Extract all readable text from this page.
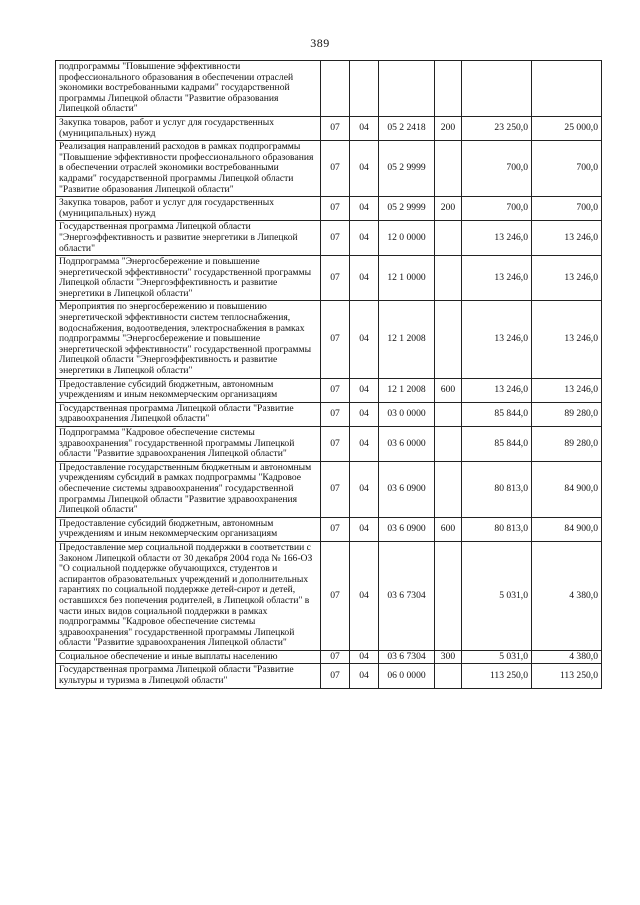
389
подпрограммы "Повышение эффективности профессионального образования в обеспечении отраслей экономики востребованными кадрами" государственной программы Липецкой области "Развитие образования Липецкой области"						
Закупка товаров, работ и услуг для государственных (муниципальных) нужд	07	04	05 2 2418	200	23 250,0	25 000,0
Реализация направлений расходов в рамках подпрограммы "Повышение эффективности профессионального образования в обеспечении отраслей экономики востребованными кадрами" государственной программы Липецкой области "Развитие образования Липецкой области"	07	04	05 2 9999		700,0	700,0
Закупка товаров, работ и услуг для государственных (муниципальных) нужд	07	04	05 2 9999	200	700,0	700,0
Государственная программа Липецкой области "Энергоэффективность и развитие энергетики в Липецкой области"	07	04	12 0 0000		13 246,0	13 246,0
Подпрограмма "Энергосбережение и повышение энергетической эффективности" государственной программы Липецкой области "Энергоэффективность и развитие энергетики в Липецкой области"	07	04	12 1 0000		13 246,0	13 246,0
Мероприятия по энергосбережению и повышению энергетической эффективности систем теплоснабжения, водоснабжения, водоотведения, электроснабжения в рамках подпрограммы "Энергосбережение и повышение энергетической эффективности" государственной программы Липецкой области "Энергоэффективность и развитие энергетики в Липецкой области"	07	04	12 1 2008		13 246,0	13 246,0
Предоставление субсидий бюджетным, автономным учреждениям и иным некоммерческим организациям	07	04	12 1 2008	600	13 246,0	13 246,0
Государственная программа Липецкой области "Развитие здравоохранения Липецкой области"	07	04	03 0 0000		85 844,0	89 280,0
Подпрограмма "Кадровое обеспечение системы здравоохранения" государственной программы Липецкой области "Развитие здравоохранения Липецкой области"	07	04	03 6 0000		85 844,0	89 280,0
Предоставление государственным бюджетным и автономным учреждениям субсидий в рамках подпрограммы "Кадровое обеспечение системы здравоохранения" государственной программы Липецкой области "Развитие здравоохранения Липецкой области"	07	04	03 6 0900		80 813,0	84 900,0
Предоставление субсидий бюджетным, автономным учреждениям и иным некоммерческим организациям	07	04	03 6 0900	600	80 813,0	84 900,0
Предоставление мер социальной поддержки в соответствии с Законом Липецкой области от 30 декабря 2004 года № 166-ОЗ "О социальной поддержке обучающихся, студентов и аспирантов образовательных учреждений и дополнительных гарантиях по социальной поддержке детей-сирот и детей, оставшихся без попечения родителей, в Липецкой области" в части иных видов социальной поддержки в рамках подпрограммы "Кадровое обеспечение системы здравоохранения" государственной программы Липецкой области "Развитие здравоохранения Липецкой области"	07	04	03 6 7304		5 031,0	4 380,0
Социальное обеспечение и иные выплаты населению	07	04	03 6 7304	300	5 031,0	4 380,0
Государственная программа Липецкой области "Развитие культуры и туризма в Липецкой области"	07	04	06 0 0000		113 250,0	113 250,0
